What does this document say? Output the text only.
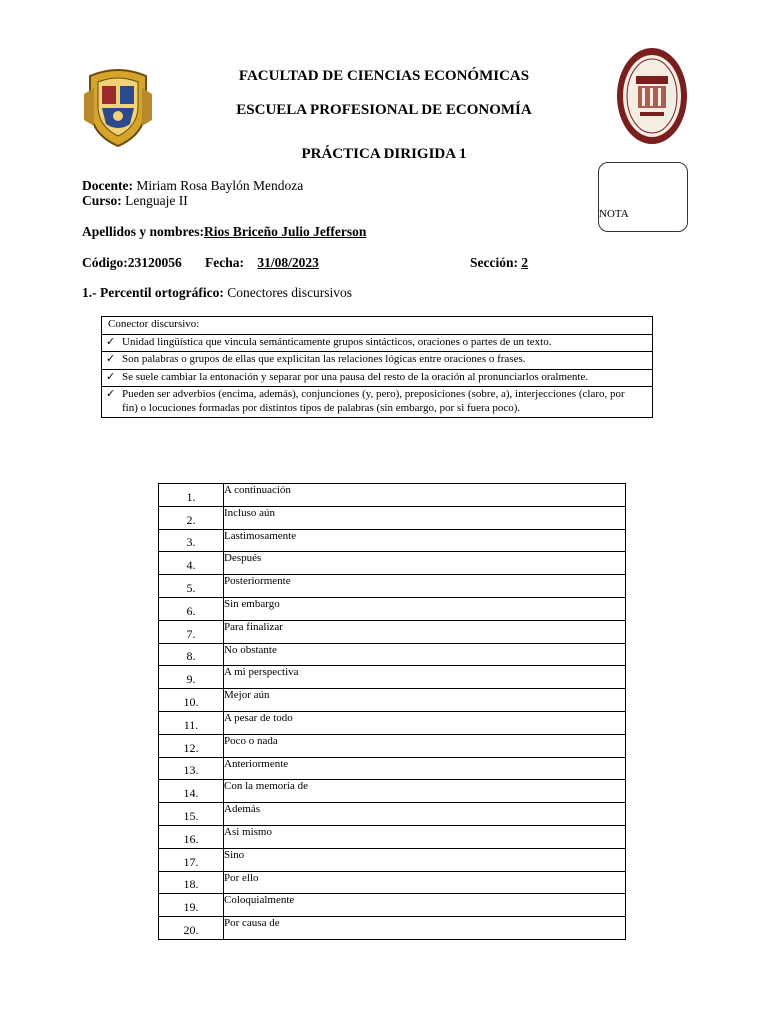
FACULTAD DE CIENCIAS ECONÓMICAS
ESCUELA PROFESIONAL DE ECONOMÍA
PRÁCTICA DIRIGIDA 1
NOTA
Docente: Miriam Rosa Baylón Mendoza
Curso: Lenguaje II
Apellidos y nombres:Rios Briceño Julio Jefferson
Código:23120056 Fecha: 31/08/2023	Sección: 2
1.- Percentil ortográfico: Conectores discursivos
Conector discursivo:
✓ Unidad lingüística que vincula semánticamente grupos sintácticos, oraciones o partes de un texto.
✓ Son palabras o grupos de ellas que explicitan las relaciones lógicas entre oraciones o frases.
✓ Se suele cambiar la entonación y separar por una pausa del resto de la oración al pronunciarlos oralmente.
✓ Pueden ser adverbios (encima, además), conjunciones (y, pero), preposiciones (sobre, a), interjecciones (claro, por fin) o locuciones formadas por distintos tipos de palabras (sin embargo, por si fuera poco).
1.	A continuación
2.	Incluso aún
3.	Lastimosamente
4.	Después
5.	Posteriormente
6.	Sin embargo
7.	Para finalizar
8.	No obstante
9.	A mi perspectiva
10.	Mejor aún
11.	A pesar de todo
12.	Poco o nada
13.	Anteriormente
14.	Con la memoria de
15.	Además
16.	Asi mismo
17.	Sino
18.	Por ello
19.	Coloquialmente
20.	Por causa de
